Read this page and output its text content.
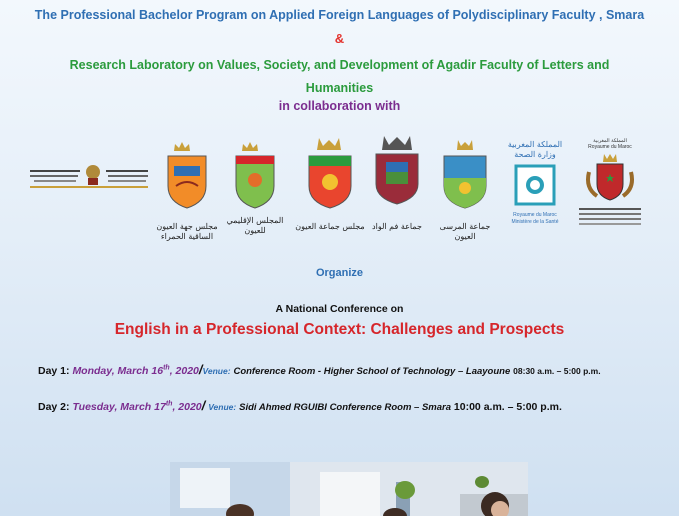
The Professional Bachelor Program on Applied Foreign Languages of Polydisciplinary Faculty , Smara
&
Research Laboratory on Values, Society, and Development of Agadir Faculty of Letters and
Humanities
in collaboration with
مجلس جهة العيون
الساقية الحمراء
المجلس الإقليمي
للعيون	مجلس جماعة العيون جماعة فم الواد	جماعة المرسى العيون
المملكة المغربية
وزارة الصحة
Royaume du Maroc
Ministère de la Santé
المملكة المغربية
Royaume du Maroc
Organize
A National Conference on
English in a Professional Context: Challenges and Prospects
Day 1: Monday, March 16th, 2020/Venue: Conference Room - Higher School of Technology – Laayoune 08:30 a.m. – 5:00 p.m.
Day 2: Tuesday, March 17th, 2020/ Venue: Sidi Ahmed RGUIBI Conference Room – Smara 10:00 a.m. – 5:00 p.m.
